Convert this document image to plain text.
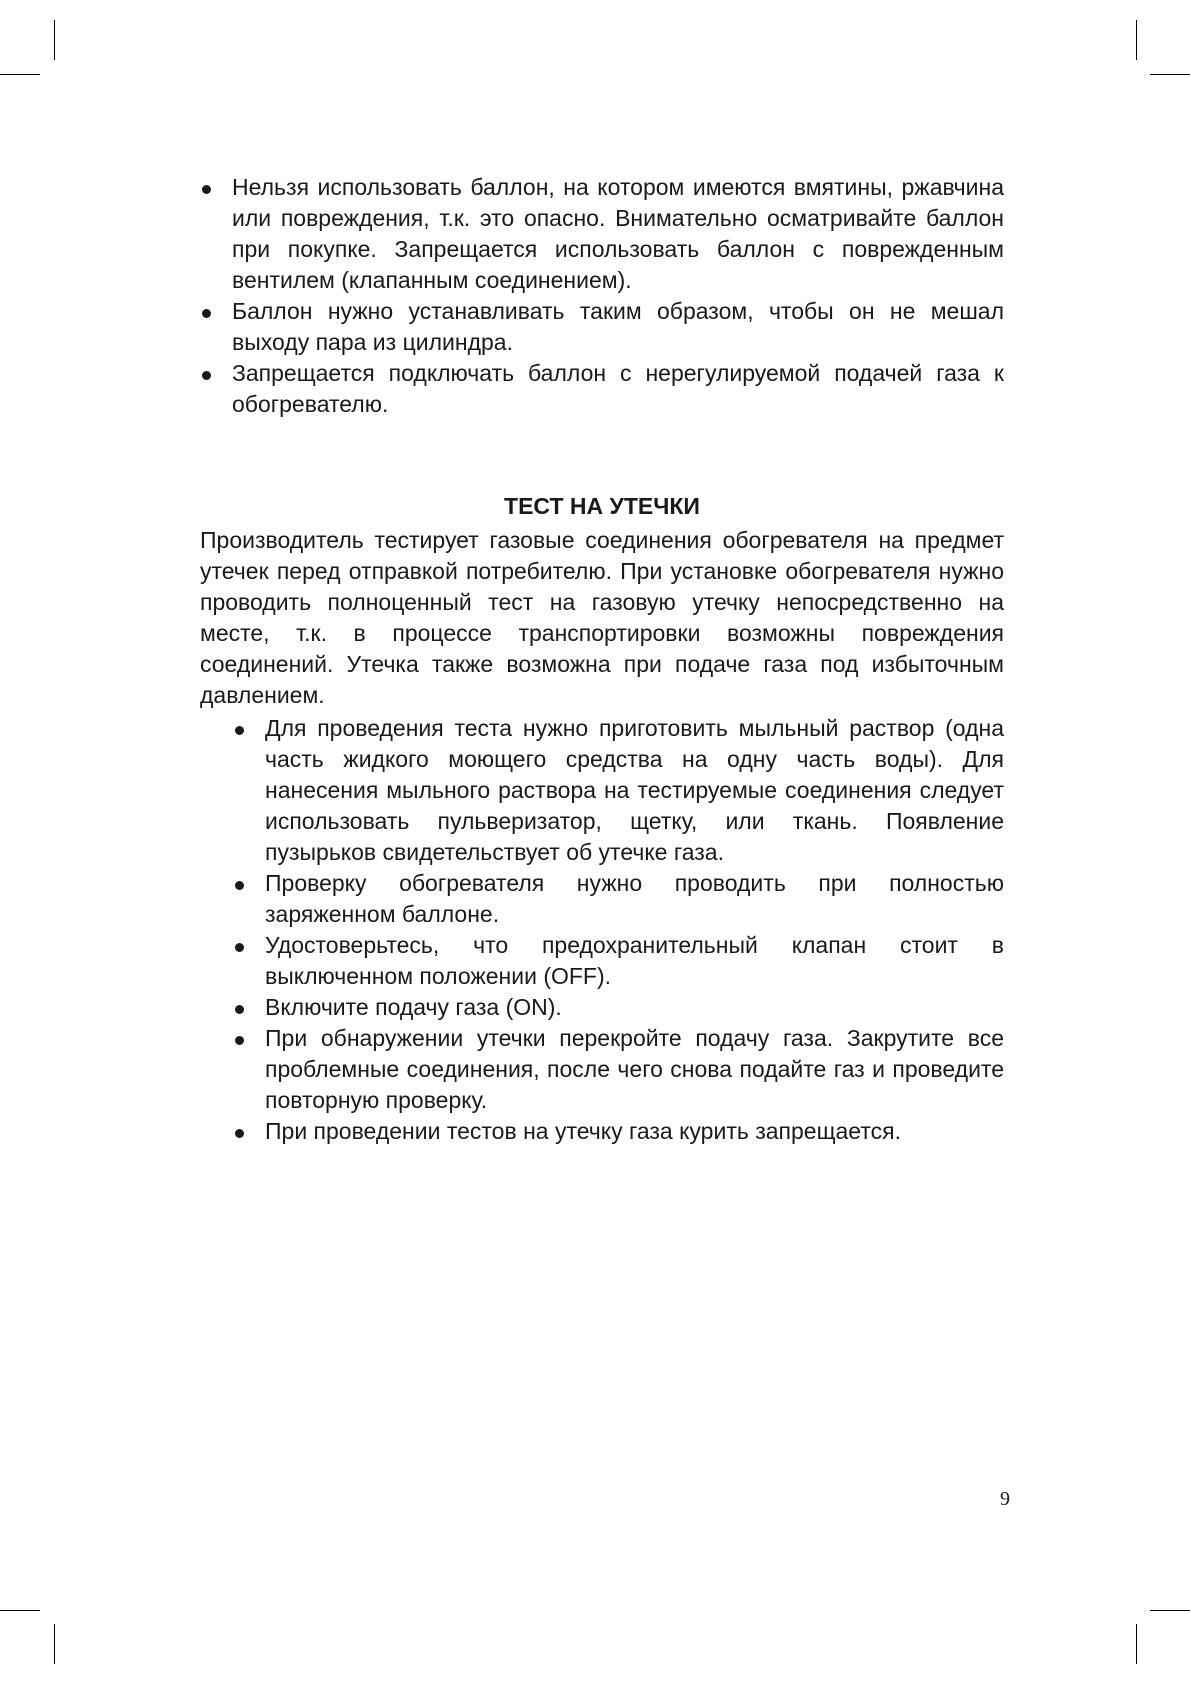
Нельзя использовать баллон, на котором имеются вмятины, ржавчина или повреждения, т.к. это опасно. Внимательно осматривайте баллон при покупке. Запрещается использовать баллон с поврежденным вентилем (клапанным соединением).
Баллон нужно устанавливать таким образом, чтобы он не мешал выходу пара из цилиндра.
Запрещается подключать баллон с нерегулируемой подачей газа к обогревателю.
ТЕСТ НА УТЕЧКИ

Производитель тестирует газовые соединения обогревателя на предмет утечек перед отправкой потребителю. При установке обогревателя нужно проводить полноценный тест на газовую утечку непосредственно на месте, т.к. в процессе транспортировки возможны повреждения соединений. Утечка также возможна при подаче газа под избыточным давлением.

Для проведения теста нужно приготовить мыльный раствор (одна часть жидкого моющего средства на одну часть воды). Для нанесения мыльного раствора на тестируемые соединения следует использовать пульверизатор, щетку, или ткань. Появление пузырьков свидетельствует об утечке газа.
Проверку обогревателя нужно проводить при полностью заряженном баллоне.
Удостоверьтесь, что предохранительный клапан стоит в выключенном положении (OFF).
Включите подачу газа (ON).
При обнаружении утечки перекройте подачу газа. Закрутите все проблемные соединения, после чего снова подайте газ и проведите повторную проверку.
При проведении тестов на утечку газа курить запрещается.
9
